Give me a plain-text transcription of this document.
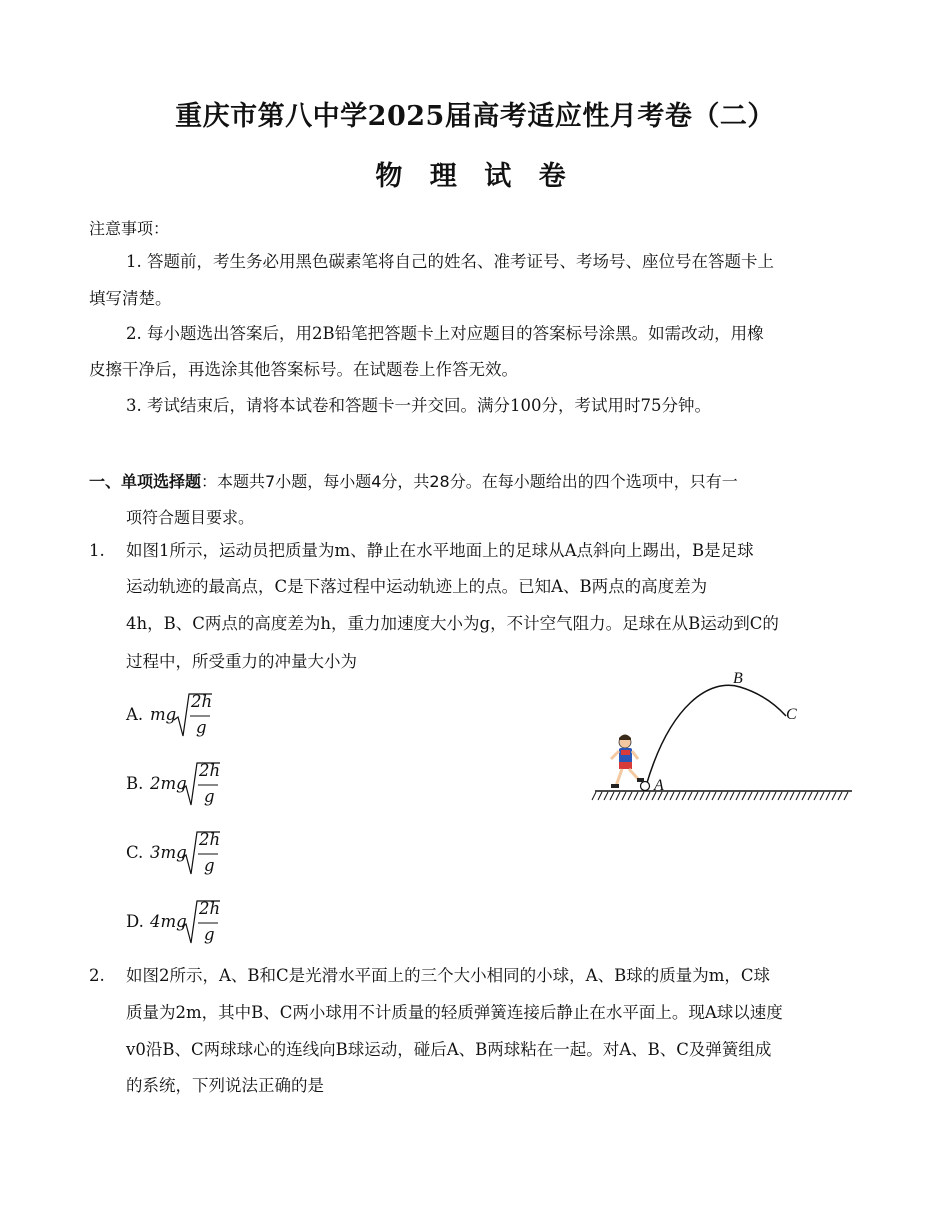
重庆市第八中学2025届高考适应性月考卷（二）
物 理 试 卷
注意事项：
1. 答题前，考生务必用黑色碳素笔将自己的姓名、准考证号、考场号、座位号在答题卡上
填写清楚。
2. 每小题选出答案后，用2B铅笔把答题卡上对应题目的答案标号涂黑。如需改动，用橡
皮擦干净后，再选涂其他答案标号。在试题卷上作答无效。
3. 考试结束后，请将本试卷和答题卡一并交回。满分100分，考试用时75分钟。
一、单项选择题：本题共7小题，每小题4分，共28分。在每小题给出的四个选项中，只有一
项符合题目要求。
1. 如图1所示，运动员把质量为m、静止在水平地面上的足球从A点斜向上踢出，B是足球
运动轨迹的最高点，C是下落过程中运动轨迹上的点。已知A、B两点的高度差为
4h，B、C两点的高度差为h，重力加速度大小为g，不计空气阻力。足球在从B运动到C的
过程中，所受重力的冲量大小为
A. mg
2h
g
B. 2mg
2h
g
C. 3mg
2h
g
D. 4mg
2h
g
A
B
C
2. 如图2所示，A、B和C是光滑水平面上的三个大小相同的小球，A、B球的质量为m，C球
质量为2m，其中B、C两小球用不计质量的轻质弹簧连接后静止在水平面上。现A球以速度
v0沿B、C两球球心的连线向B球运动，碰后A、B两球粘在一起。对A、B、C及弹簧组成
的系统，下列说法正确的是
